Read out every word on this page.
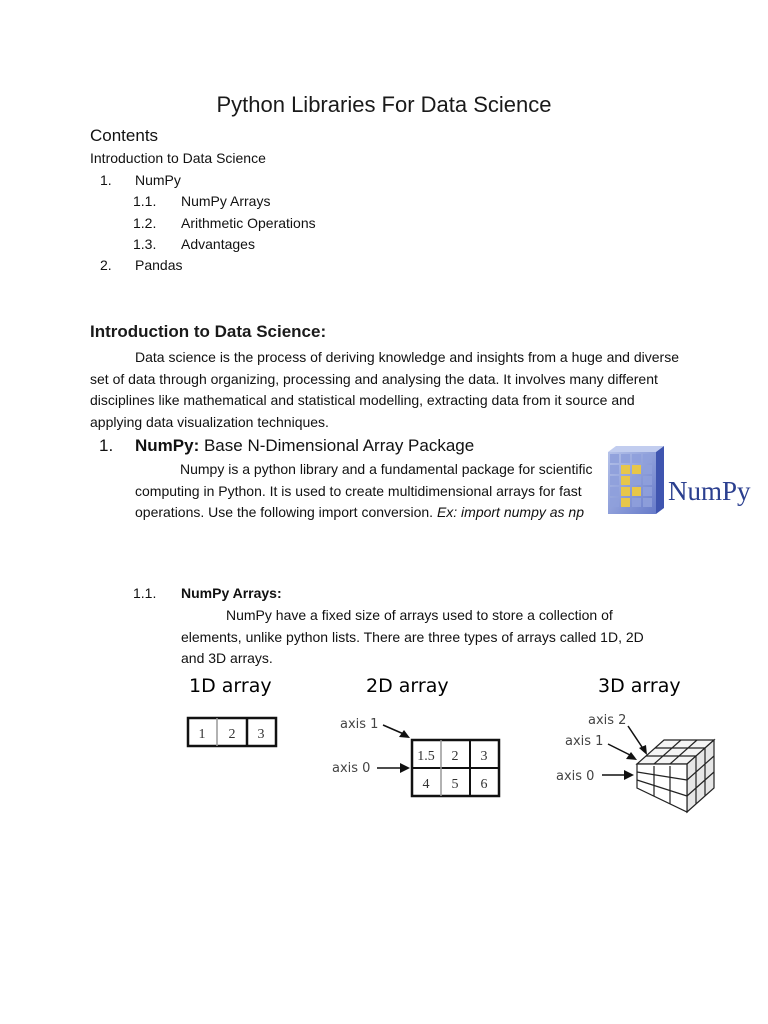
Python Libraries For Data Science
Contents
Introduction to Data Science
1. NumPy
1.1. NumPy Arrays
1.2. Arithmetic Operations
1.3. Advantages
2. Pandas
Introduction to Data Science:
Data science is the process of deriving knowledge and insights from a huge and diverse set of data through organizing, processing and analysing the data. It involves many different disciplines like mathematical and statistical modelling, extracting data from it source and applying data visualization techniques.
1. NumPy: Base N-Dimensional Array Package
Numpy is a python library and a fundamental package for scientific computing in Python. It is used to create multidimensional arrays for fast operations. Use the following import conversion. Ex: import numpy as np
NumPy
1.1. NumPy Arrays:
NumPy have a fixed size of arrays used to store a collection of elements, unlike python lists. There are three types of arrays called 1D, 2D and 3D arrays.
1D array	2D array	3D array
1 2 3
1.5 2 3
4 5 6
axis 1
axis 0
axis 2
axis 1
axis 0
